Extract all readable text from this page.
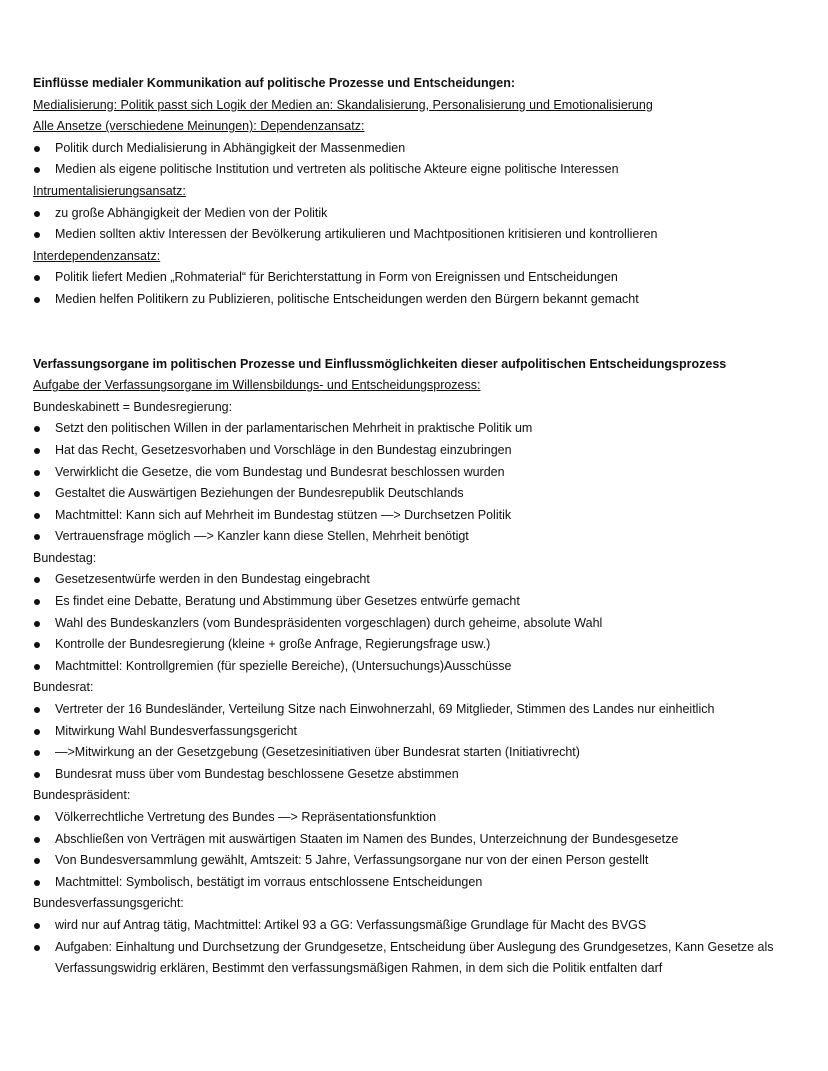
Einflüsse medialer Kommunikation auf politische Prozesse und Entscheidungen:
Medialisierung: Politik passt sich Logik der Medien an: Skandalisierung, Personalisierung und Emotionalisierung
Alle Ansetze (verschiedene Meinungen): Dependenzansatz:
Politik durch Medialisierung in Abhängigkeit der Massenmedien
Medien als eigene politische Institution und vertreten als politische Akteure eigne politische Interessen
Intrumentalisierungsansatz:
zu große Abhängigkeit der Medien von der Politik
Medien sollten aktiv Interessen der Bevölkerung artikulieren und Machtpositionen kritisieren und kontrollieren
Interdependenzansatz:
Politik liefert Medien „Rohmaterial“ für Berichterstattung in Form von Ereignissen und Entscheidungen
Medien helfen Politikern zu Publizieren, politische Entscheidungen werden den Bürgern bekannt gemacht
Verfassungsorgane im politischen Prozesse und Einflussmöglichkeiten dieser aufpolitischen Entscheidungsprozess
Aufgabe der Verfassungsorgane im Willensbildungs- und Entscheidungsprozess:
Bundeskabinett = Bundesregierung:
Setzt den politischen Willen in der parlamentarischen Mehrheit in praktische Politik um
Hat das Recht, Gesetzesvorhaben und Vorschläge in den Bundestag einzubringen
Verwirklicht die Gesetze, die vom Bundestag und Bundesrat beschlossen wurden
Gestaltet die Auswärtigen Beziehungen der Bundesrepublik Deutschlands
Machtmittel: Kann sich auf Mehrheit im Bundestag stützen —> Durchsetzen Politik
Vertrauensfrage möglich —> Kanzler kann diese Stellen, Mehrheit benötigt
Bundestag:
Gesetzesentwürfe werden in den Bundestag eingebracht
Es findet eine Debatte, Beratung und Abstimmung über Gesetzes entwürfe gemacht
Wahl des Bundeskanzlers (vom Bundespräsidenten vorgeschlagen) durch geheime, absolute Wahl
Kontrolle der Bundesregierung (kleine + große Anfrage, Regierungsfrage usw.)
Machtmittel: Kontrollgremien (für spezielle Bereiche), (Untersuchungs)Ausschüsse
Bundesrat:
Vertreter der 16 Bundesländer, Verteilung Sitze nach Einwohnerzahl, 69 Mitglieder, Stimmen des Landes nur einheitlich
Mitwirkung Wahl Bundesverfassungsgericht
—>Mitwirkung an der Gesetzgebung (Gesetzesinitiativen über Bundesrat starten (Initiativrecht)
Bundesrat muss über vom Bundestag beschlossene Gesetze abstimmen
Bundespräsident:
Völkerrechtliche Vertretung des Bundes —> Repräsentationsfunktion
Abschließen von Verträgen mit auswärtigen Staaten im Namen des Bundes, Unterzeichnung der Bundesgesetze
Von Bundesversammlung gewählt, Amtszeit: 5 Jahre, Verfassungsorgane nur von der einen Person gestellt
Machtmittel: Symbolisch, bestätigt im vorraus entschlossene Entscheidungen
Bundesverfassungsgericht:
wird nur auf Antrag tätig, Machtmittel: Artikel 93 a GG: Verfassungsmäßige Grundlage für Macht des BVGS
Aufgaben: Einhaltung und Durchsetzung der Grundgesetze, Entscheidung über Auslegung des Grundgesetzes, Kann Gesetze als Verfassungswidrig erklären, Bestimmt den verfassungsmäßigen Rahmen, in dem sich die Politik entfalten darf
